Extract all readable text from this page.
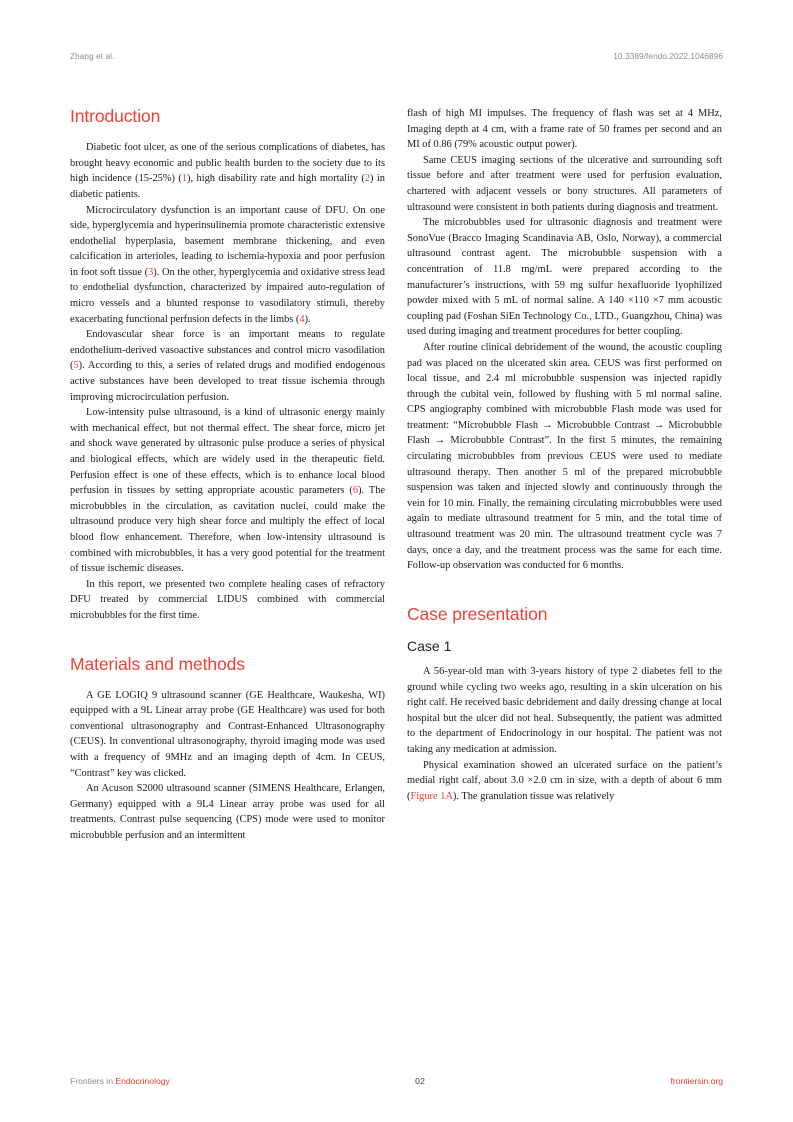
Zhang et al.	10.3389/fendo.2022.1046896
Introduction

Diabetic foot ulcer, as one of the serious complications of diabetes, has brought heavy economic and public health burden to the society due to its high incidence (15-25%) (1), high disability rate and high mortality (2) in diabetic patients.

Microcirculatory dysfunction is an important cause of DFU. On one side, hyperglycemia and hyperinsulinemia promote characteristic extensive endothelial hyperplasia, basement membrane thickening, and even calcification in arterioles, leading to ischemia-hypoxia and poor perfusion in foot soft tissue (3). On the other, hyperglycemia and oxidative stress lead to endothelial dysfunction, characterized by impaired auto-regulation of micro vessels and a blunted response to vasodilatory stimuli, thereby exacerbating functional perfusion defects in the limbs (4).

Endovascular shear force is an important means to regulate endothelium-derived vasoactive substances and control micro vasodilation (5). According to this, a series of related drugs and modified endogenous active substances have been developed to treat tissue ischemia through improving microcirculation perfusion.

Low-intensity pulse ultrasound, is a kind of ultrasonic energy mainly with mechanical effect, but not thermal effect. The shear force, micro jet and shock wave generated by ultrasonic pulse produce a series of physical and biological effects, which are widely used in the therapeutic field. Perfusion effect is one of these effects, which is to enhance local blood perfusion in tissues by setting appropriate acoustic parameters (6). The microbubbles in the circulation, as cavitation nuclei, could make the ultrasound produce very high shear force and multiply the effect of local blood flow enhancement. Therefore, when low-intensity ultrasound is combined with microbubbles, it has a very good potential for the treatment of tissue ischemic diseases.

In this report, we presented two complete healing cases of refractory DFU treated by commercial LIDUS combined with commercial microbubbles for the first time.

Materials and methods

A GE LOGIQ 9 ultrasound scanner (GE Healthcare, Waukesha, WI) equipped with a 9L Linear array probe (GE Healthcare) was used for both conventional ultrasonography and Contrast-Enhanced Ultrasonography (CEUS). In conventional ultrasonography, thyroid imaging mode was used with a frequency of 9MHz and an imaging depth of 4cm. In CEUS, “Contrast” key was clicked.

An Acuson S2000 ultrasound scanner (SIMENS Healthcare, Erlangen, Germany) equipped with a 9L4 Linear array probe was used for all treatments. Contrast pulse sequencing (CPS) mode were used to monitor microbubble perfusion and an intermittent

flash of high MI impulses. The frequency of flash was set at 4 MHz, Imaging depth at 4 cm, with a frame rate of 50 frames per second and an MI of 0.86 (79% acoustic output power).

Same CEUS imaging sections of the ulcerative and surrounding soft tissue before and after treatment were used for perfusion evaluation, chartered with adjacent vessels or bony structures. All parameters of ultrasound were consistent in both patients during diagnosis and treatment.

The microbubbles used for ultrasonic diagnosis and treatment were SonoVue (Bracco Imaging Scandinavia AB, Oslo, Norway), a commercial ultrasound contrast agent. The microbubble suspension with a concentration of 11.8 mg/mL were prepared according to the manufacturer’s instructions, with 59 mg sulfur hexafluoride lyophilized powder mixed with 5 mL of normal saline. A 140 ×110 ×7 mm acoustic coupling pad (Foshan SiEn Technology Co., LTD., Guangzhou, China) was used during imaging and treatment procedures for better coupling.

After routine clinical debridement of the wound, the acoustic coupling pad was placed on the ulcerated skin area. CEUS was first performed on local tissue, and 2.4 ml microbubble suspension was injected rapidly through the cubital vein, followed by flushing with 5 ml normal saline. CPS angiography combined with microbubble Flash mode was used for treatment: “Microbubble Flash → Microbubble Contrast → Microbubble Flash → Microbubble Contrast”. In the first 5 minutes, the remaining circulating microbubbles from previous CEUS were used to mediate ultrasound therapy. Then another 5 ml of the prepared microbubble suspension was taken and injected slowly and continuously through the vein for 10 min. Finally, the remaining circulating microbubbles were used again to mediate ultrasound treatment for 5 min, and the total time of ultrasound treatment was 20 min. The ultrasound treatment cycle was 7 days, once a day, and the treatment process was the same for each time. Follow-up observation was conducted for 6 months.

Case presentation
Case 1

A 56-year-old man with 3-years history of type 2 diabetes fell to the ground while cycling two weeks ago, resulting in a skin ulceration on his right calf. He received basic debridement and daily dressing change at local hospital but the ulcer did not heal. Subsequently, the patient was admitted to the department of Endocrinology in our hospital. The patient was not taking any medication at admission.

Physical examination showed an ulcerated surface on the patient’s medial right calf, about 3.0 ×2.0 cm in size, with a depth of about 6 mm (Figure 1A). The granulation tissue was relatively

Frontiers in Endocrinology	02	frontiersin.org
